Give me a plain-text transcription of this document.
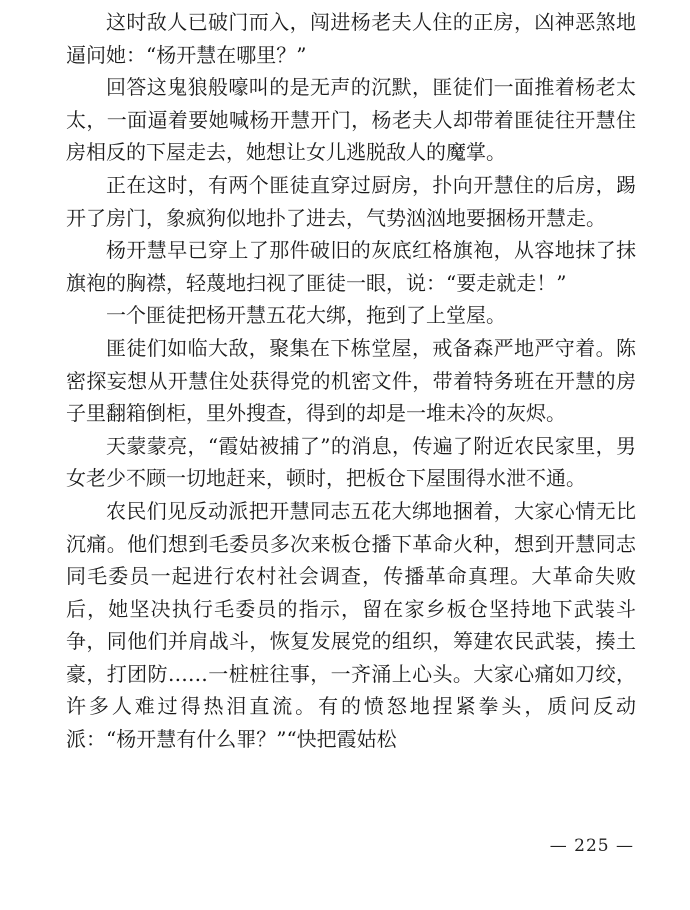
这时敌人已破门而入，闯进杨老夫人住的正房，凶神恶煞地逼问她：“杨开慧在哪里？”

回答这鬼狼般嚎叫的是无声的沉默，匪徒们一面推着杨老太太，一面逼着要她喊杨开慧开门，杨老夫人却带着匪徒往开慧住房相反的下屋走去，她想让女儿逃脱敌人的魔掌。

正在这时，有两个匪徒直穿过厨房，扑向开慧住的后房，踢开了房门，象疯狗似地扑了进去，气势汹汹地要捆杨开慧走。

杨开慧早已穿上了那件破旧的灰底红格旗袍，从容地抹了抹旗袍的胸襟，轻蔑地扫视了匪徒一眼，说：“要走就走！”

一个匪徒把杨开慧五花大绑，拖到了上堂屋。

匪徒们如临大敌，聚集在下栋堂屋，戒备森严地严守着。陈密探妄想从开慧住处获得党的机密文件，带着特务班在开慧的房子里翻箱倒柜，里外搜查，得到的却是一堆未冷的灰烬。

天蒙蒙亮，“霞姑被捕了”的消息，传遍了附近农民家里，男女老少不顾一切地赶来，顿时，把板仓下屋围得水泄不通。

农民们见反动派把开慧同志五花大绑地捆着，大家心情无比沉痛。他们想到毛委员多次来板仓播下革命火种，想到开慧同志同毛委员一起进行农村社会调查，传播革命真理。大革命失败后，她坚决执行毛委员的指示，留在家乡板仓坚持地下武装斗争，同他们并肩战斗，恢复发展党的组织，筹建农民武装，揍土豪，打团防……一桩桩往事，一齐涌上心头。大家心痛如刀绞，许多人难过得热泪直流。有的愤怒地捏紧拳头，质问反动派：“杨开慧有什么罪？”“快把霞姑松

— 225 —
